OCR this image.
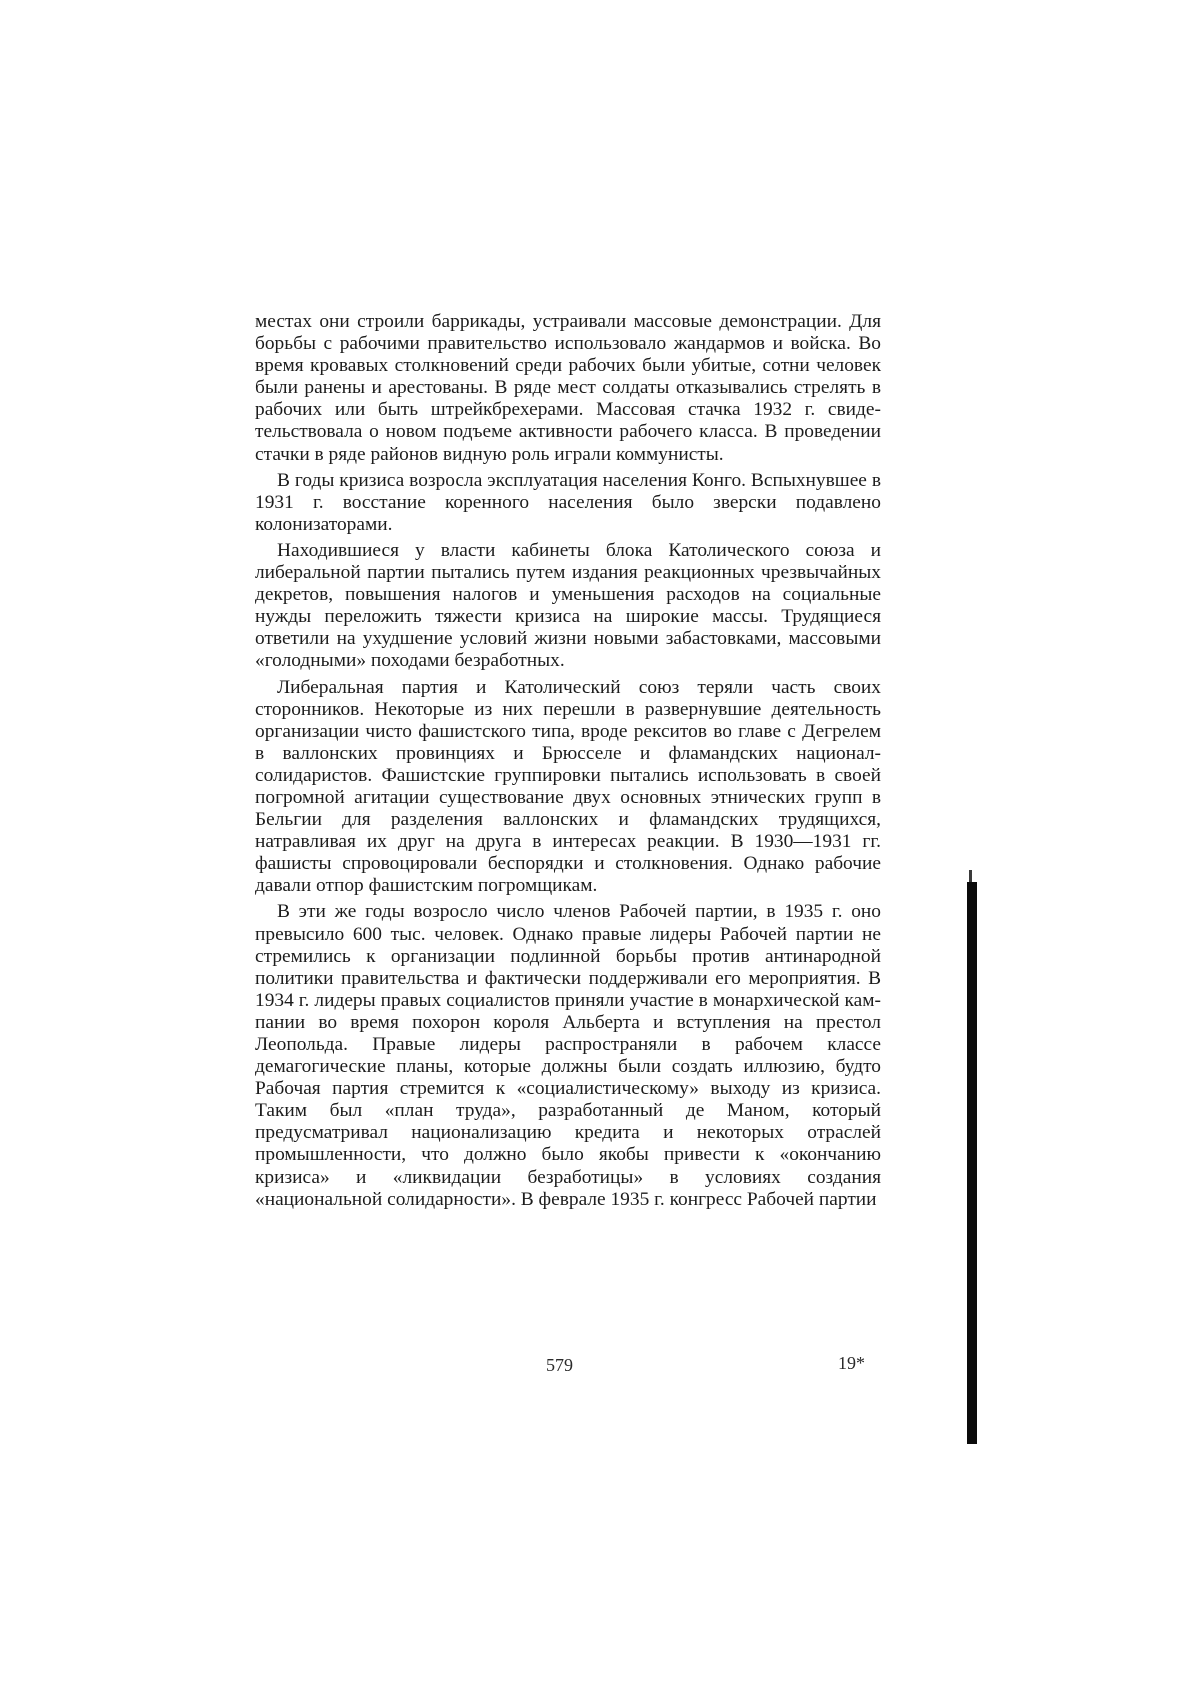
местах они строили баррикады, устраивали массовые демонстрации. Для борьбы с рабочими правительство использовало жандармов и войска. Во время кровавых столкновений среди рабочих были убитые, сотни человек были ранены и арестованы. В ряде мест солдаты отказывались стрелять в рабочих или быть штрейкбрехерами. Массовая стачка 1932 г. свидетельствовала о новом подъеме активности рабочего класса. В проведении стачки в ряде районов видную роль играли коммунисты.

В годы кризиса возросла эксплуатация населения Конго. Вспыхнувшее в 1931 г. восстание коренного населения было зверски подавлено колонизаторами.

Находившиеся у власти кабинеты блока Католического союза и либеральной партии пытались путем издания реакционных чрезвычайных декретов, повышения налогов и уменьшения расходов на социальные нужды переложить тяжести кризиса на широкие массы. Трудящиеся ответили на ухудшение условий жизни новыми забастовками, массовыми «голодными» походами безработных.

Либеральная партия и Католический союз теряли часть своих сторонников. Некоторые из них перешли в развернувшие деятельность организации чисто фашистского типа, вроде рекситов во главе с Дегрелем в валлонских провинциях и Брюсселе и фламандских национал-солидаристов. Фашистские группировки пытались использовать в своей погромной агитации существование двух основных этнических групп в Бельгии для разделения валлонских и фламандских трудящихся, натравливая их друг на друга в интересах реакции. В 1930—1931 гг. фашисты спровоцировали беспорядки и столкновения. Однако рабочие давали отпор фашистским погромщикам.

В эти же годы возросло число членов Рабочей партии, в 1935 г. оно превысило 600 тыс. человек. Однако правые лидеры Рабочей партии не стремились к организации подлинной борьбы против антинародной политики правительства и фактически поддерживали его мероприятия. В 1934 г. лидеры правых социалистов приняли участие в монархической кампании во время похорон короля Альберта и вступления на престол Леопольда. Правые лидеры распространяли в рабочем классе демагогические планы, которые должны были создать иллюзию, будто Рабочая партия стремится к «социалистическому» выходу из кризиса. Таким был «план труда», разработанный де Маном, который предусматривал национализацию кредита и некоторых отраслей промышленности, что должно было якобы привести к «окончанию кризиса» и «ликвидации безработицы» в условиях создания «национальной солидарности». В феврале 1935 г. конгресс Рабочей партии

579	19*
